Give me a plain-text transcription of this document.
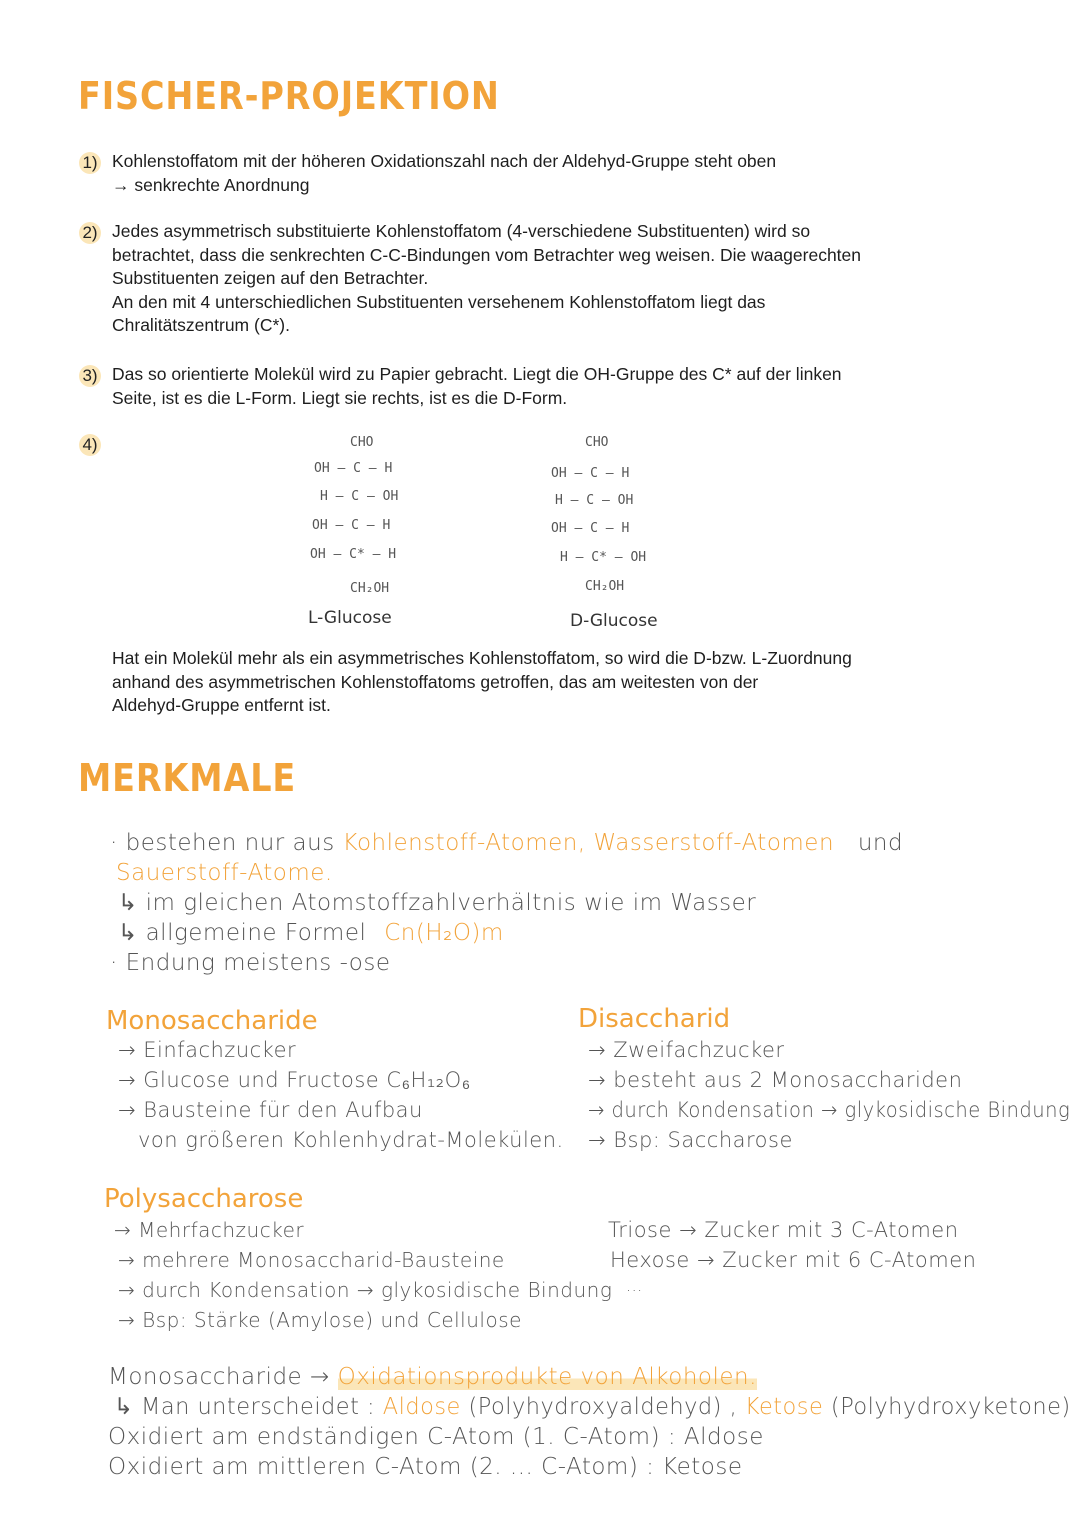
FISCHER-PROJEKTION
1) Kohlenstoffatom mit der höheren Oxidationszahl nach der Aldehyd-Gruppe steht oben

→ senkrechte Anordnung

2) Jedes asymmetrisch substituierte Kohlenstoffatom (4-verschiedene Substituenten) wird so

betrachtet, dass die senkrechten C-C-Bindungen vom Betrachter weg weisen. Die waagerechten

Substituenten zeigen auf den Betrachter.

An den mit 4 unterschiedlichen Substituenten versehenem Kohlenstoffatom liegt das

Chralitätszentrum (C*).

3) Das so orientierte Molekül wird zu Papier gebracht. Liegt die OH-Gruppe des C* auf der linken

Seite, ist es die L-Form. Liegt sie rechts, ist es die D-Form.

4)	CHO
OH – C – H
H – C – OH
OH – C – H
OH – C* – H
CH₂OH
L-Glucose
CHO
OH – C – H
H – C – OH
OH – C – H
H – C* – OH
CH₂OH
D-Glucose

Hat ein Molekül mehr als ein asymmetrisches Kohlenstoffatom, so wird die D-bzw. L-Zuordnung

anhand des asymmetrischen Kohlenstoffatoms getroffen, das am weitesten von der

Aldehyd-Gruppe entfernt ist.

MERKMALE
· bestehen nur aus Kohlenstoff-Atomen, Wasserstoff-Atomen und
Sauerstoff-Atome.
↳ im gleichen Atomstoffzahlverhältnis wie im Wasser
↳ allgemeine Formel Cn(H₂O)m
· Endung meistens -ose
Monosaccharide
→ Einfachzucker
→ Glucose und Fructose C₆H₁₂O₆
→ Bausteine für den Aufbau
von größeren Kohlenhydrat-Molekülen.
Disaccharid
→ Zweifachzucker
→ besteht aus 2 Monosacchariden
→ durch Kondensation → glykosidische Bindung
→ Bsp: Saccharose
Polysaccharose
→ Mehrfachzucker
→ mehrere Monosaccharid-Bausteine
→ durch Kondensation → glykosidische Bindung
→ Bsp: Stärke (Amylose) und Cellulose
Triose → Zucker mit 3 C-Atomen
Hexose → Zucker mit 6 C-Atomen
...
Monosaccharide → Oxidationsprodukte von Alkoholen.
↳ Man unterscheidet : Aldose (Polyhydroxyaldehyd) , Ketose (Polyhydroxyketone)
Oxidiert am endständigen C-Atom (1. C-Atom) : Aldose
Oxidiert am mittleren C-Atom (2. ... C-Atom) : Ketose
